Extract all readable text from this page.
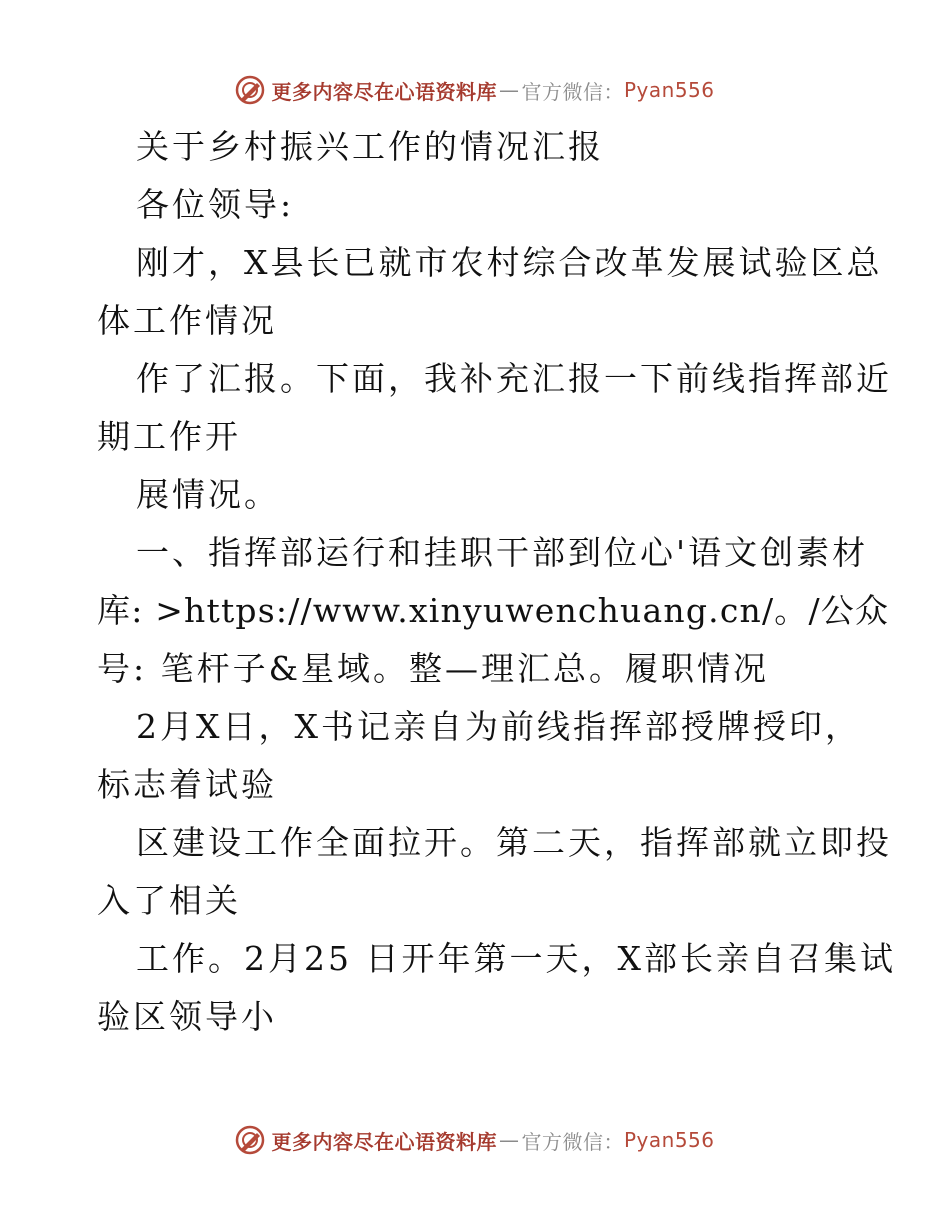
更多内容尽在心语资料库 — 官方微信： Pyan556
关于乡村振兴工作的情况汇报
各位领导:
刚才，X县长已就市农村综合改革发展试验区总
体工作情况
作了汇报。下面，我补充汇报一下前线指挥部近
期工作开
展情况。
一、指挥部运行和挂职干部到位心'语文创素材
库: >https://www.xinyuwenchuang.cn/。/公众
号: 笔杆子&星域。整—理汇总。履职情况
2月X日，X书记亲自为前线指挥部授牌授印，
标志着试验
区建设工作全面拉开。第二天，指挥部就立即投
入了相关
工作。2月25 日开年第一天，X部长亲自召集试
验区领导小
更多内容尽在心语资料库 — 官方微信： Pyan556
